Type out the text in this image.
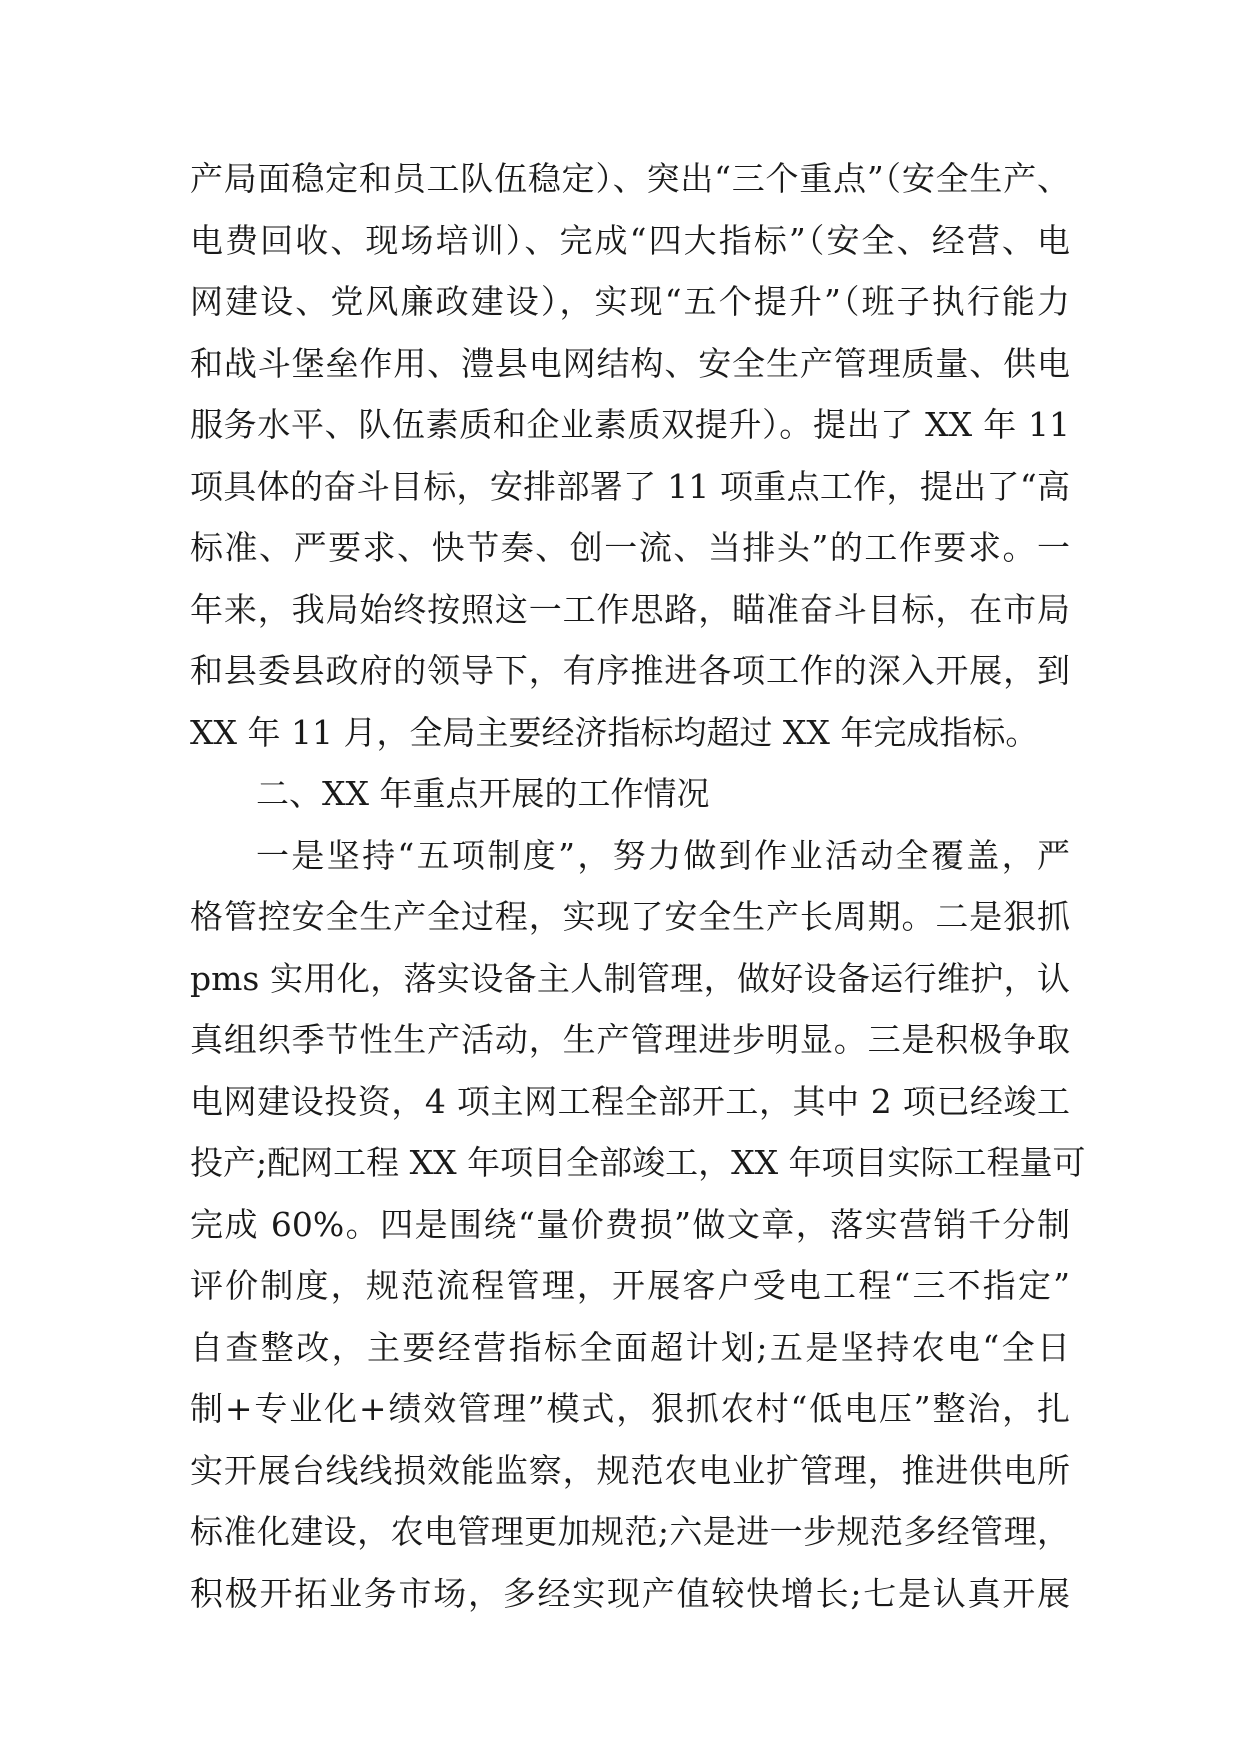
产局面稳定和员工队伍稳定）、突出“三个重点”（安全生产、
电费回收、现场培训）、完成“四大指标”（安全、经营、电
网建设、党风廉政建设），实现“五个提升”（班子执行能力
和战斗堡垒作用、澧县电网结构、安全生产管理质量、供电
服务水平、队伍素质和企业素质双提升）。提出了 XX 年 11
项具体的奋斗目标，安排部署了 11 项重点工作，提出了“高
标准、严要求、快节奏、创一流、当排头”的工作要求。一
年来，我局始终按照这一工作思路，瞄准奋斗目标，在市局
和县委县政府的领导下，有序推进各项工作的深入开展，到
XX 年 11 月，全局主要经济指标均超过 XX 年完成指标。
二、XX 年重点开展的工作情况
一是坚持“五项制度”，努力做到作业活动全覆盖，严
格管控安全生产全过程，实现了安全生产长周期。二是狠抓
pms 实用化，落实设备主人制管理，做好设备运行维护，认
真组织季节性生产活动，生产管理进步明显。三是积极争取
电网建设投资，4 项主网工程全部开工，其中 2 项已经竣工
投产;配网工程 XX 年项目全部竣工，XX 年项目实际工程量可
完成 60%。四是围绕“量价费损”做文章，落实营销千分制
评价制度，规范流程管理，开展客户受电工程“三不指定”
自查整改，主要经营指标全面超计划;五是坚持农电“全日
制+专业化+绩效管理”模式，狠抓农村“低电压”整治，扎
实开展台线线损效能监察，规范农电业扩管理，推进供电所
标准化建设，农电管理更加规范;六是进一步规范多经管理，
积极开拓业务市场，多经实现产值较快增长;七是认真开展
